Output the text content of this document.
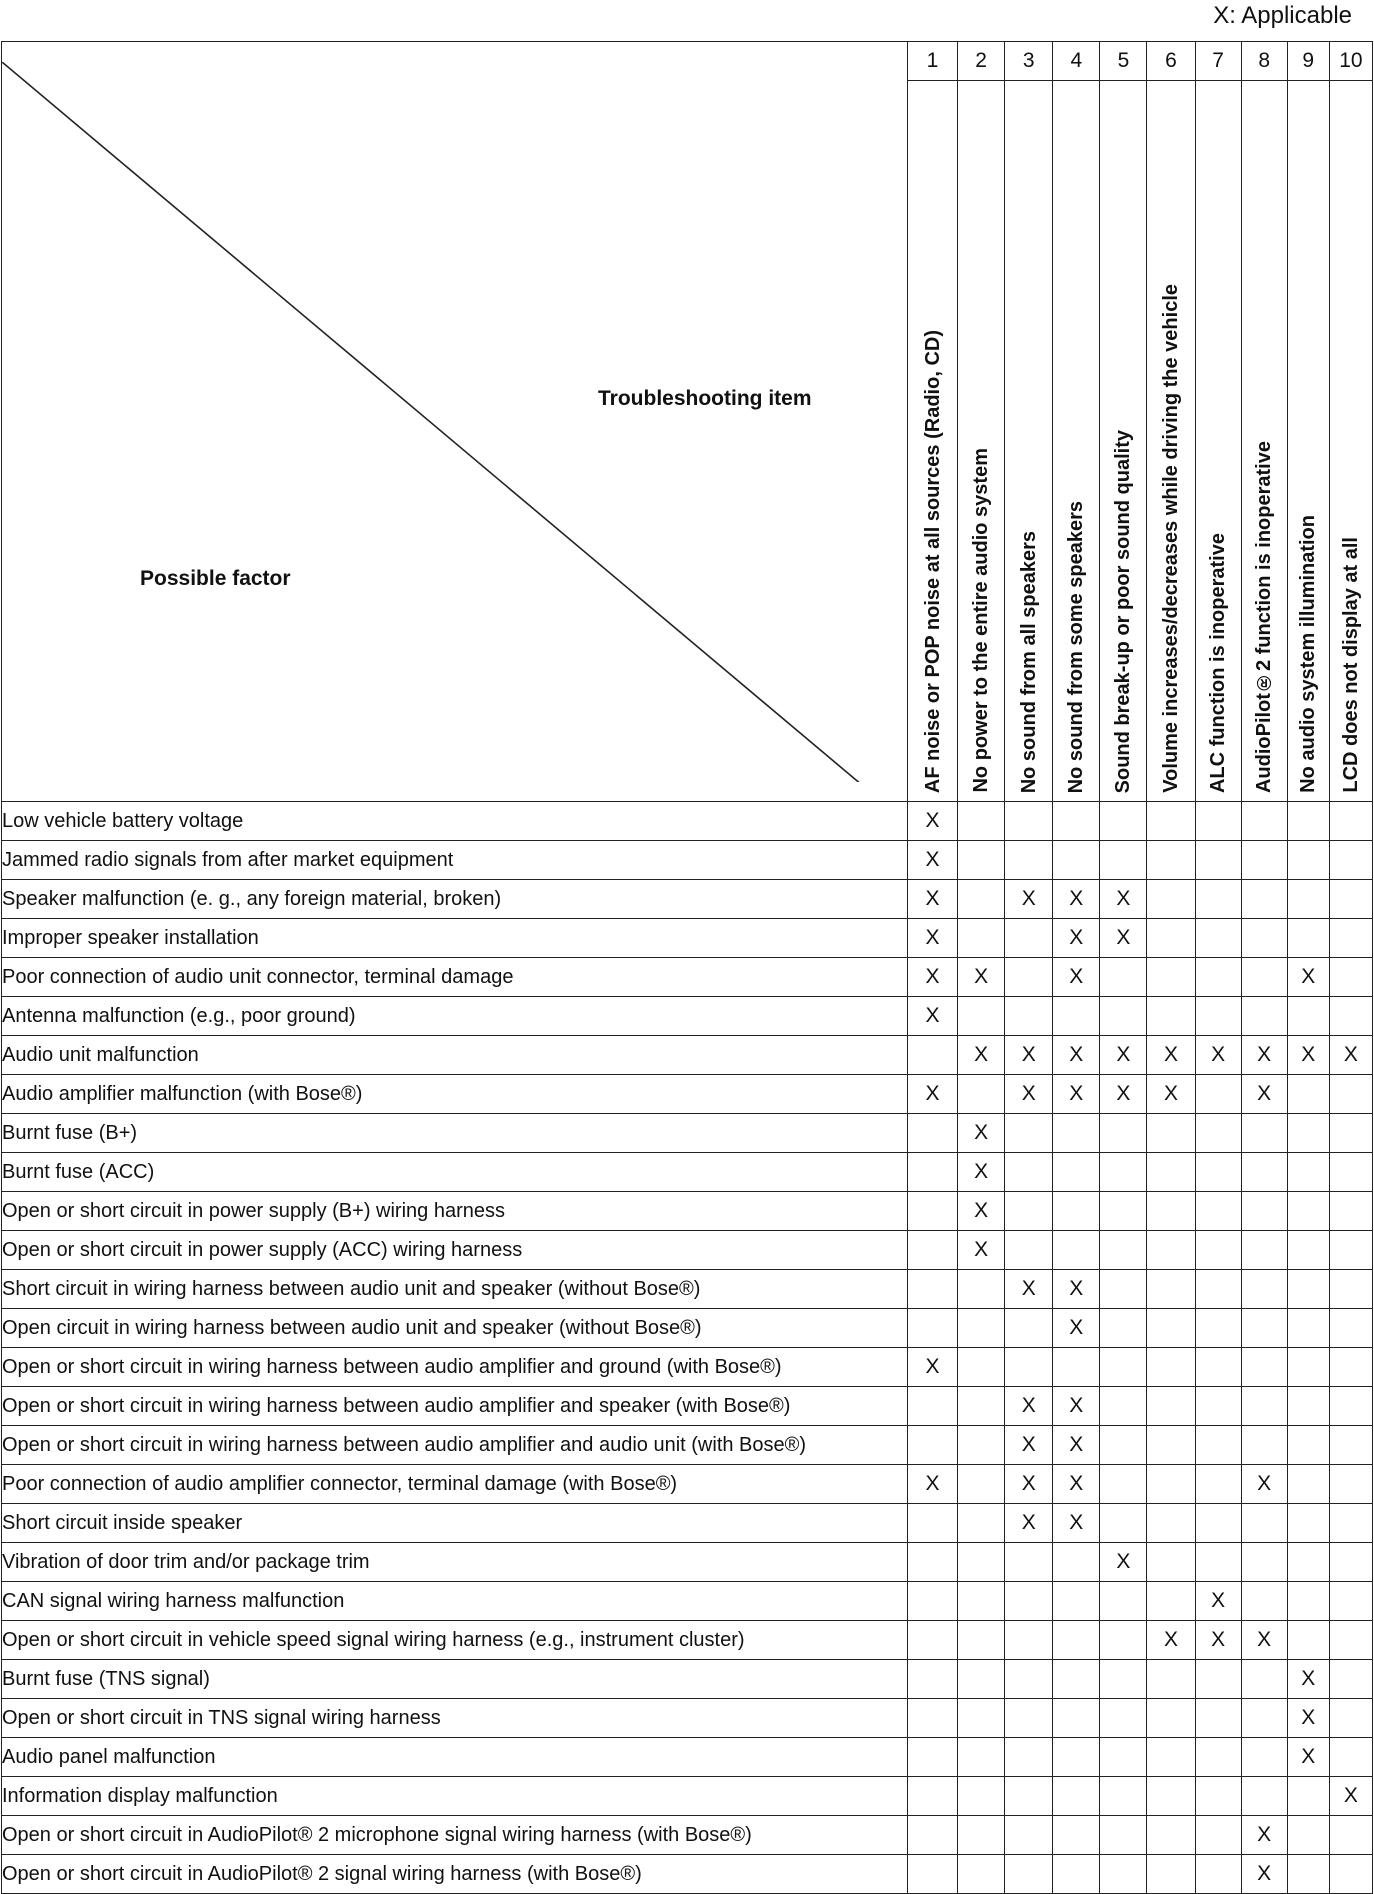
X: Applicable
Troubleshooting item
Possible factor	1	2	3	4	5	6	7	8	9	10

	AF noise or POP noise at all sources (Radio, CD)	No power to the entire audio system	No sound from all speakers	No sound from some speakers	Sound break-up or poor sound quality	Volume increases/decreases while driving the vehicle	ALC function is inoperative	AudioPilot®2 function is inoperative	No audio system illumination	LCD does not display at all

Low vehicle battery voltage	X									
Jammed radio signals from after market equipment	X									
Speaker malfunction (e. g., any foreign material, broken)	X		X	X	X					
Improper speaker installation	X			X	X					
Poor connection of audio unit connector, terminal damage	X	X		X					X	
Antenna malfunction (e.g., poor ground)	X									
Audio unit malfunction		X	X	X	X	X	X	X	X	X
Audio amplifier malfunction (with Bose®)	X		X	X	X	X		X		
Burnt fuse (B+)		X								
Burnt fuse (ACC)		X								
Open or short circuit in power supply (B+) wiring harness		X								
Open or short circuit in power supply (ACC) wiring harness		X								
Short circuit in wiring harness between audio unit and speaker (without Bose®)			X	X						
Open circuit in wiring harness between audio unit and speaker (without Bose®)				X						
Open or short circuit in wiring harness between audio amplifier and ground (with Bose®)	X									
Open or short circuit in wiring harness between audio amplifier and speaker (with Bose®)			X	X						
Open or short circuit in wiring harness between audio amplifier and audio unit (with Bose®)			X	X						
Poor connection of audio amplifier connector, terminal damage (with Bose®)	X		X	X				X		
Short circuit inside speaker			X	X						
Vibration of door trim and/or package trim					X					
CAN signal wiring harness malfunction							X			
Open or short circuit in vehicle speed signal wiring harness (e.g., instrument cluster)						X	X	X		
Burnt fuse (TNS signal)									X	
Open or short circuit in TNS signal wiring harness									X	
Audio panel malfunction									X	
Information display malfunction										X
Open or short circuit in AudioPilot® 2 microphone signal wiring harness (with Bose®)								X		
Open or short circuit in AudioPilot® 2 signal wiring harness (with Bose®)								X		
